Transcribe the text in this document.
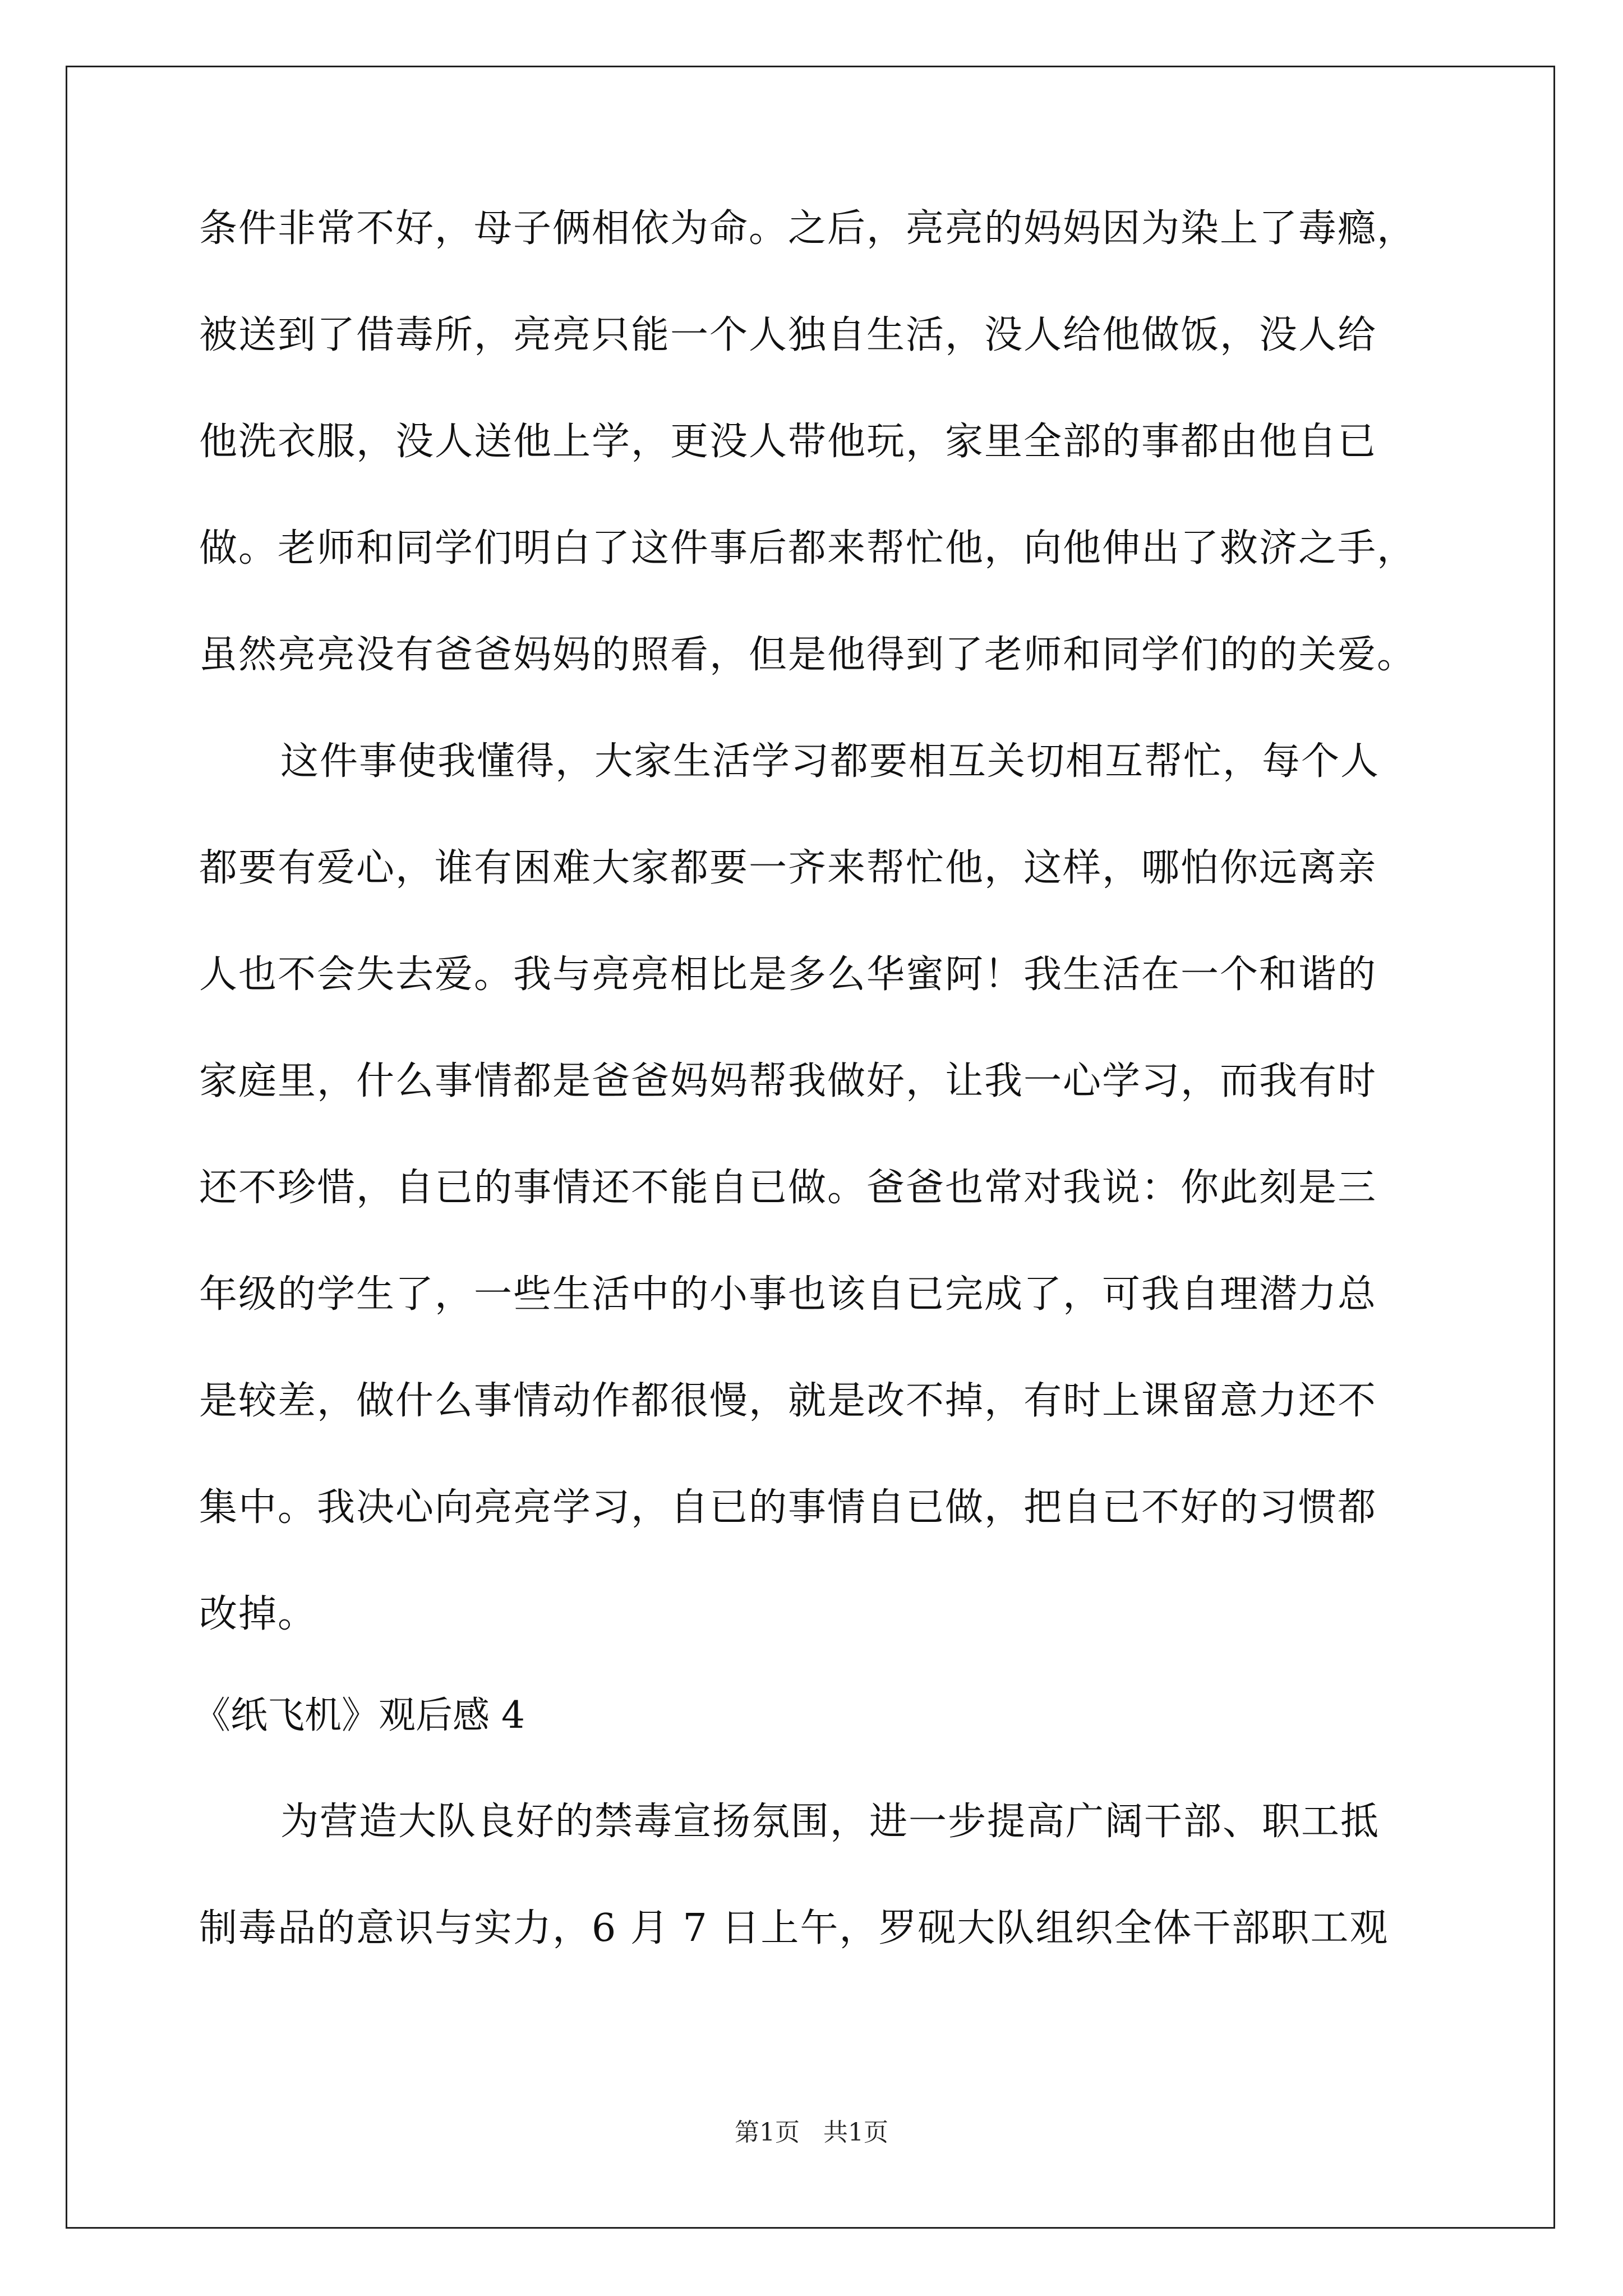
条件非常不好，母子俩相依为命。之后，亮亮的妈妈因为染上了毒瘾，
被送到了借毒所，亮亮只能一个人独自生活，没人给他做饭，没人给
他洗衣服，没人送他上学，更没人带他玩，家里全部的事都由他自已
做。老师和同学们明白了这件事后都来帮忙他，向他伸出了救济之手，
虽然亮亮没有爸爸妈妈的照看，但是他得到了老师和同学们的的关爱。
这件事使我懂得，大家生活学习都要相互关切相互帮忙，每个人
都要有爱心，谁有困难大家都要一齐来帮忙他，这样，哪怕你远离亲
人也不会失去爱。我与亮亮相比是多么华蜜阿！我生活在一个和谐的
家庭里，什么事情都是爸爸妈妈帮我做好，让我一心学习，而我有时
还不珍惜，自已的事情还不能自已做。爸爸也常对我说：你此刻是三
年级的学生了，一些生活中的小事也该自已完成了，可我自理潜力总
是较差，做什么事情动作都很慢，就是改不掉，有时上课留意力还不
集中。我决心向亮亮学习，自已的事情自已做，把自已不好的习惯都
改掉。
《纸飞机》观后感 4
为营造大队良好的禁毒宣扬氛围，进一步提高广阔干部、职工抵
制毒品的意识与实力，6 月 7 日上午，罗砚大队组织全体干部职工观
第1页   共1页
